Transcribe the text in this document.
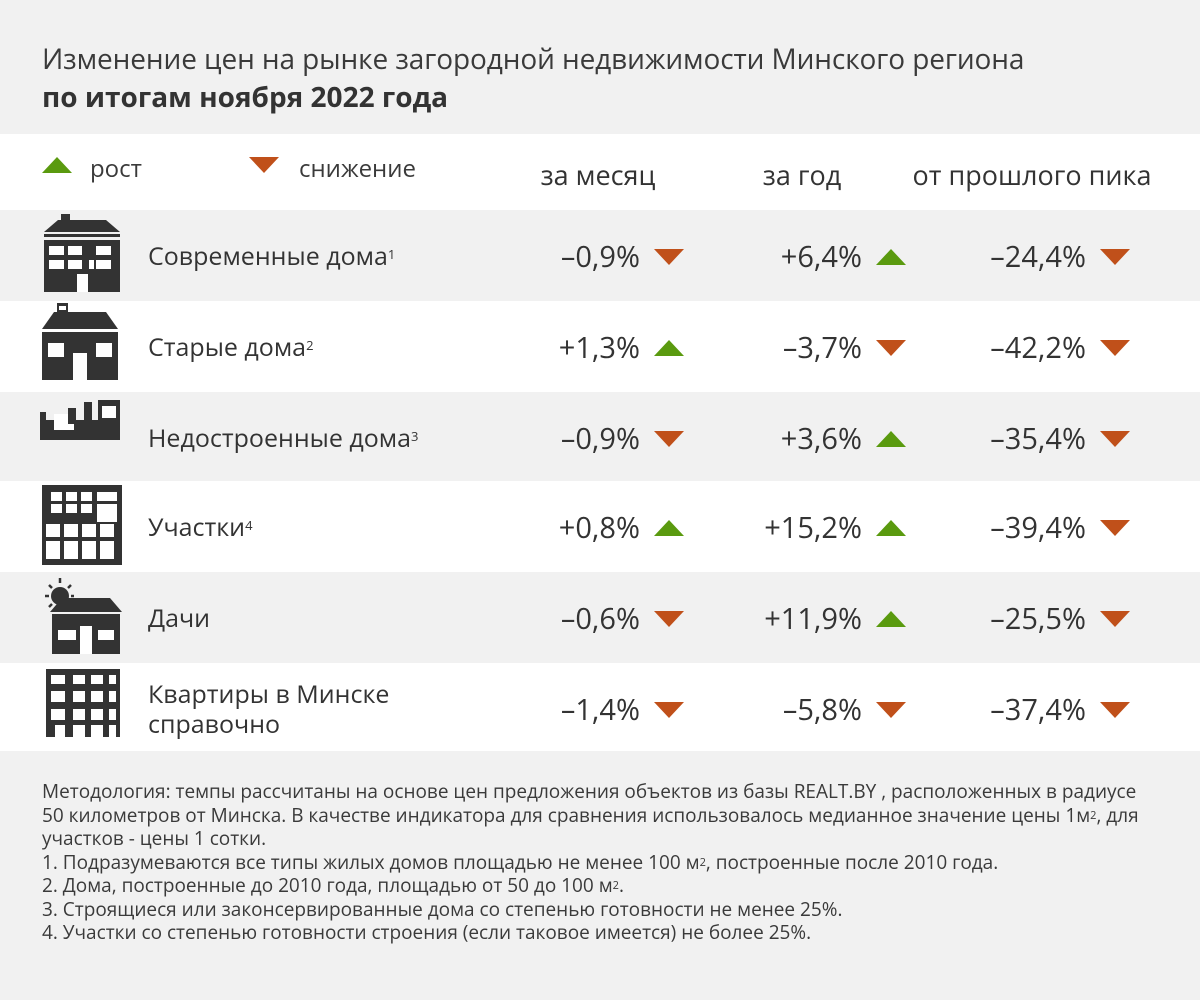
Изменение цен на рынке загородной недвижимости Минского региона
по итогам ноября 2022 года
рост	снижение	за месяц	за год	от прошлого пика
Современные дома$^1$	–0,9%	+6,4%	–24,4%
Старые дома$^2$	+1,3%	–3,7%	–42,2%
Недостроенные дома$^3$	–0,9%	+3,6%	–35,4%
Участки$^4$	+0,8%	+15,2%	–39,4%
Дачи	–0,6%	+11,9%	–25,5%
Квартиры в Минске
справочно	–1,4%	–5,8%	–37,4%
Методология: темпы рассчитаны на основе цен предложения объектов из базы REALT.BY , расположенных в радиусе 50 километров от Минска. В качестве индикатора для сравнения использовалось медианное значение цены $1м^2$, для участков - цены 1 сотки.
1. Подразумеваются все типы жилых домов площадью не менее 100 $м^2$, построенные после 2010 года.
2. Дома, построенные до 2010 года, площадью от 50 до 100 $м^2$.
3. Строящиеся или законсервированные дома со степенью готовности не менее 25%.
4. Участки со степенью готовности строения (если таковое имеется) не более 25%.
